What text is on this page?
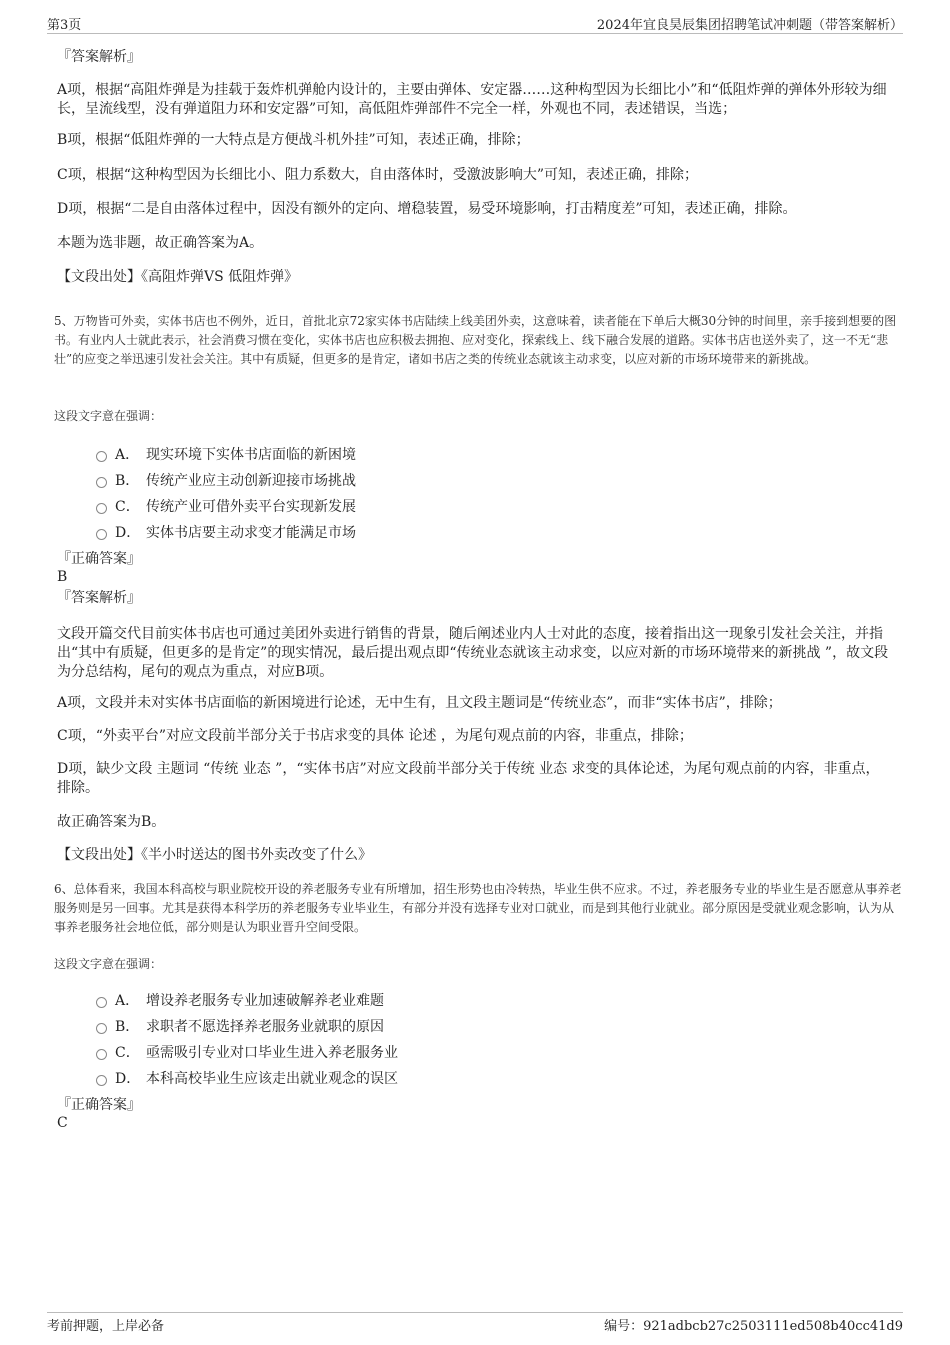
第3页	2024年宜良昊辰集团招聘笔试冲刺题（带答案解析）
『答案解析』
A项，根据“高阻炸弹是为挂载于轰炸机弹舱内设计的，主要由弹体、安定器……这种构型因为长细比小”和“低阻炸弹的弹体外形较为细长，呈流线型，没有弹道阻力环和安定器”可知，高低阻炸弹部件不完全一样，外观也不同，表述错误，当选；
B项，根据“低阻炸弹的一大特点是方便战斗机外挂”可知，表述正确，排除；
C项，根据“这种构型因为长细比小、阻力系数大，自由落体时，受激波影响大”可知，表述正确，排除；
D项，根据“二是自由落体过程中，因没有额外的定向、增稳装置，易受环境影响，打击精度差”可知，表述正确，排除。
本题为选非题，故正确答案为A。
【文段出处】《高阻炸弹VS 低阻炸弹》
5、万物皆可外卖，实体书店也不例外，近日，首批北京72家实体书店陆续上线美团外卖，这意味着，读者能在下单后大概30分钟的时间里，亲手接到想要的图书。有业内人士就此表示，社会消费习惯在变化，实体书店也应积极去拥抱、应对变化，探索线上、线下融合发展的道路。实体书店也送外卖了，这一不无“悲壮”的应变之举迅速引发社会关注。其中有质疑，但更多的是肯定，诸如书店之类的传统业态就该主动求变，以应对新的市场环境带来的新挑战。
这段文字意在强调：
A． 现实环境下实体书店面临的新困境
B． 传统产业应主动创新迎接市场挑战
C． 传统产业可借外卖平台实现新发展
D． 实体书店要主动求变才能满足市场
『正确答案』
B
『答案解析』
文段开篇交代目前实体书店也可通过美团外卖进行销售的背景，随后阐述业内人士对此的态度，接着指出这一现象引发社会关注，并指出“其中有质疑，但更多的是肯定”的现实情况，最后提出观点即“传统业态就该主动求变，以应对新的市场环境带来的新挑战 ”，故文段为分总结构，尾句的观点为重点，对应B项。
A项，文段并未对实体书店面临的新困境进行论述，无中生有，且文段主题词是“传统业态”，而非“实体书店”，排除；
C项，“外卖平台”对应文段前半部分关于书店求变的具体 论述 ，为尾句观点前的内容，非重点，排除；
D项，缺少文段 主题词 “传统 业态 ”，“实体书店”对应文段前半部分关于传统 业态 求变的具体论述，为尾句观点前的内容，非重点，排除。
故正确答案为B。
【文段出处】《半小时送达的图书外卖改变了什么》
6、总体看来，我国本科高校与职业院校开设的养老服务专业有所增加，招生形势也由冷转热，毕业生供不应求。不过，养老服务专业的毕业生是否愿意从事养老服务则是另一回事。尤其是获得本科学历的养老服务专业毕业生，有部分并没有选择专业对口就业，而是到其他行业就业。部分原因是受就业观念影响，认为从事养老服务社会地位低，部分则是认为职业晋升空间受限。
这段文字意在强调：
A． 增设养老服务专业加速破解养老业难题
B． 求职者不愿选择养老服务业就职的原因
C． 亟需吸引专业对口毕业生进入养老服务业
D． 本科高校毕业生应该走出就业观念的误区
『正确答案』
C
考前押题，上岸必备	编号：921adbcb27c2503111ed508b40cc41d9
